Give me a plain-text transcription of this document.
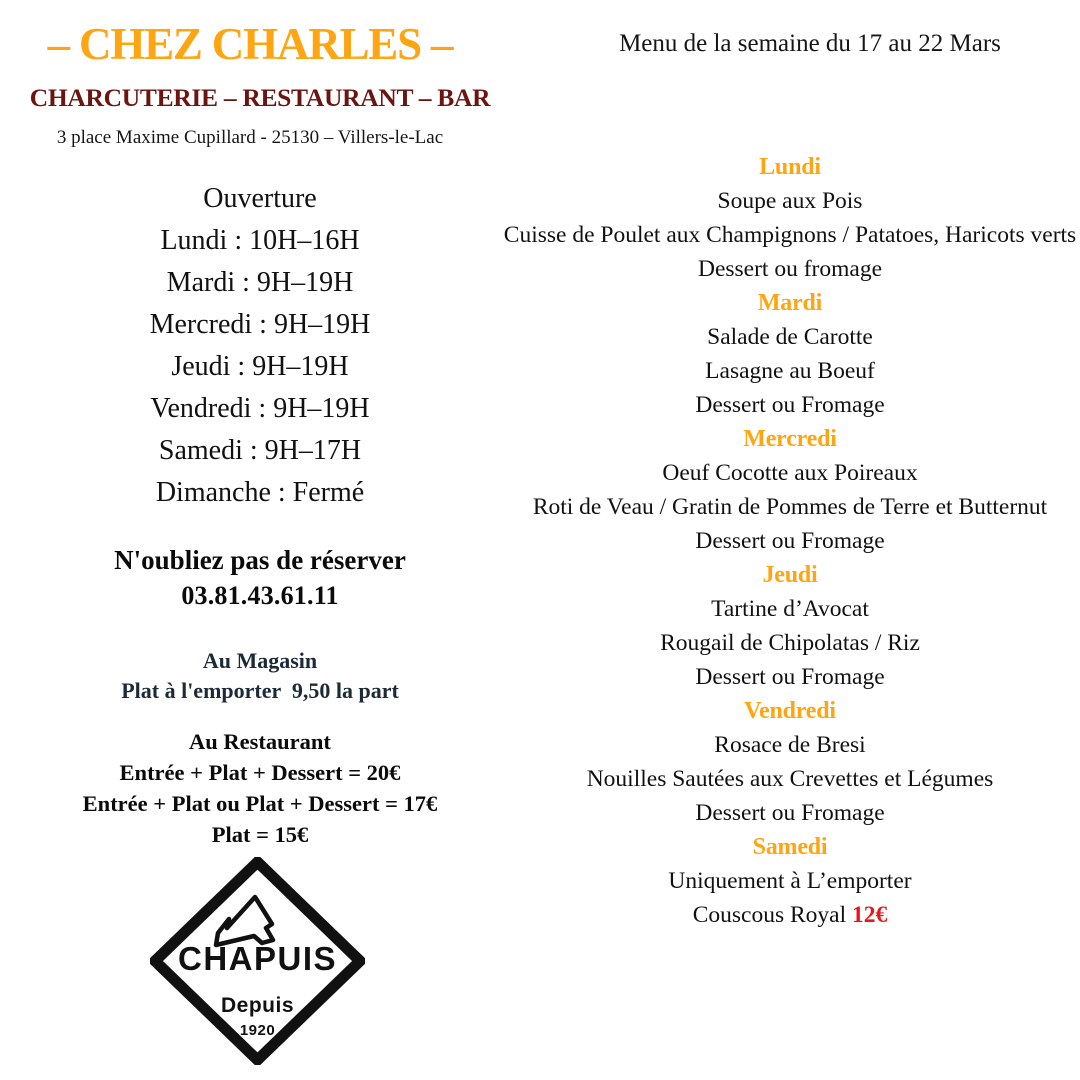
– CHEZ CHARLES –
CHARCUTERIE – RESTAURANT – BAR
3 place Maxime Cupillard - 25130 – Villers-le-Lac
Menu de la semaine du 17 au 22 Mars
Ouverture
Lundi : 10H–16H
Mardi : 9H–19H
Mercredi : 9H–19H
Jeudi : 9H–19H
Vendredi : 9H–19H
Samedi : 9H–17H
Dimanche : Fermé
N'oubliez pas de réserver
03.81.43.61.11
Au Magasin
Plat à l'emporter  9,50 la part
Au Restaurant
Entrée + Plat + Dessert = 20€
Entrée + Plat ou Plat + Dessert = 17€
Plat = 15€
CHAPUIS
Depuis
1920
Lundi
Soupe aux Pois
Cuisse de Poulet aux Champignons / Patatoes, Haricots verts
Dessert ou fromage
Mardi
Salade de Carotte
Lasagne au Boeuf
Dessert ou Fromage
Mercredi
Oeuf Cocotte aux Poireaux
Roti de Veau / Gratin de Pommes de Terre et Butternut
Dessert ou Fromage
Jeudi
Tartine d’Avocat
Rougail de Chipolatas / Riz
Dessert ou Fromage
Vendredi
Rosace de Bresi
Nouilles Sautées aux Crevettes et Légumes
Dessert ou Fromage
Samedi
Uniquement à L’emporter
Couscous Royal 12€
